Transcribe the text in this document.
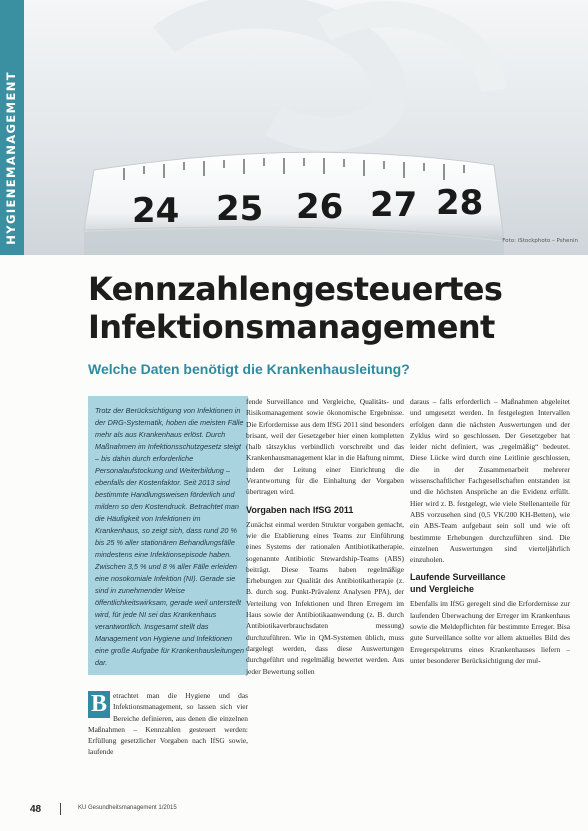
HYGIENEMANAGEMENT	24 25 26 27 28
Foto: iStockphoto – Pshenin
Kennzahlengesteuertes
Infektionsmanagement
Welche Daten benötigt die Krankenhausleitung?

Trotz der Berücksichtigung von Infektionen in der DRG-Systematik, hoben die meisten Fälle mehr als aus Krankenhaus erlöst. Durch Maßnahmen im Infektionsschutzgesetz steigt – bis dahin durch erforderliche Personalaufstockung und Weiterbildung – ebenfalls der Kostenfaktor. Seit 2013 sind bestimmte Handlungsweisen förderlich und mildern so den Kostendruck. Betrachtet man die Häufigkeit von Infektionen im Krankenhaus, so zeigt sich, dass rund 20 % bis 25 % aller stationären Behandlungsfälle mindestens eine Infektionsepisode haben. Zwischen 3,5 % und 8 % aller Fälle erleiden eine nosokomiale Infektion (NI). Gerade sie sind in zunehmender Weise öffentlichkeitswirksam, gerade weil unterstellt wird, für jede NI sei das Krankenhaus verantwortlich. Insgesamt stellt das Management von Hygiene und Infektionen eine große Aufgabe für Krankenhausleitungen dar.

B etrachtet man die Hygiene und das Infektionsmanagement, so lassen sich vier Bereiche definieren, aus denen die einzelnen Maßnahmen – Kennzahlen gesteuert werden: Erfüllung gesetzlicher Vorgaben nach IfSG sowie, laufende

fende Surveillance und Vergleiche, Qualitäts- und Risikomanagement sowie ökonomische Ergebnisse. Die Erfordernisse aus dem IfSG 2011 sind besonders brisant, weil der Gesetzgeber hier einen kompletten (halb tätszyklus verbindlich vorschreibt und das Krankenhausmanagement klar in die Haftung nimmt, indem der Leitung einer Einrichtung die Verantwortung für die Einhaltung der Vorgaben übertragen wird.

Vorgaben nach IfSG 2011

Zunächst einmal werden Struktur vorgaben gemacht, wie die Etablierung eines Teams zur Einführung eines Systems der rationalen Antibiotikatherapie, sogenannte Antibiotic Stewardship-Teams (ABS) beiträgt. Diese Teams haben regelmäßige Erhebungen zur Qualität des Antibiotikatherapie (z. B. durch sog. Punkt-Prävalenz Analysen PPA), der Verteilung von Infektionen und Ihren Erregern im Haus sowie der Antibiotikaanwendung (z. B. durch Antibiotikaverbrauchsdaten messung) durchzuführen. Wie in QM-Systemen üblich, muss dargelegt werden, dass diese Auswertungen durchgeführt und regelmäßig bewertet werden. Aus jeder Bewertung sollen

daraus – falls erforderlich – Maßnahmen abgeleitet und umgesetzt werden. In festgelegten Intervallen erfolgen dann die nächsten Auswertungen und der Zyklus wird so geschlossen. Der Gesetzgeber hat leider nicht definiert, was „regelmäßig“ bedeutet. Diese Lücke wird durch eine Leitlinie geschlossen, die in der Zusammenarbeit mehrerer wissenschaftlicher Fachgesellschaften entstanden ist und die höchsten Ansprüche an die Evidenz erfüllt. Hier wird z. B. festgelegt, wie viele Stellenanteile für ABS vorzusehen sind (0,5 VK/200 KH-Betten), wie ein ABS-Team aufgebaut sein soll und wie oft bestimmte Erhebungen durchzuführen sind. Die einzelnen Auswertungen sind vierteljährlich einzuholen.

Laufende Surveillance
und Vergleiche

Ebenfalls im IfSG geregelt sind die Erfordernisse zur laufenden Überwachung der Erreger im Krankenhaus sowie die Meldepflichten für bestimmte Erreger. Bisa gute Surveillance sollte vor allem aktuelles Bild des Erregerspektrums eines Krankenhauses liefern – unter besonderer Berücksichtigung der mul-

48	KU Gesundheitsmanagement 1/2015
